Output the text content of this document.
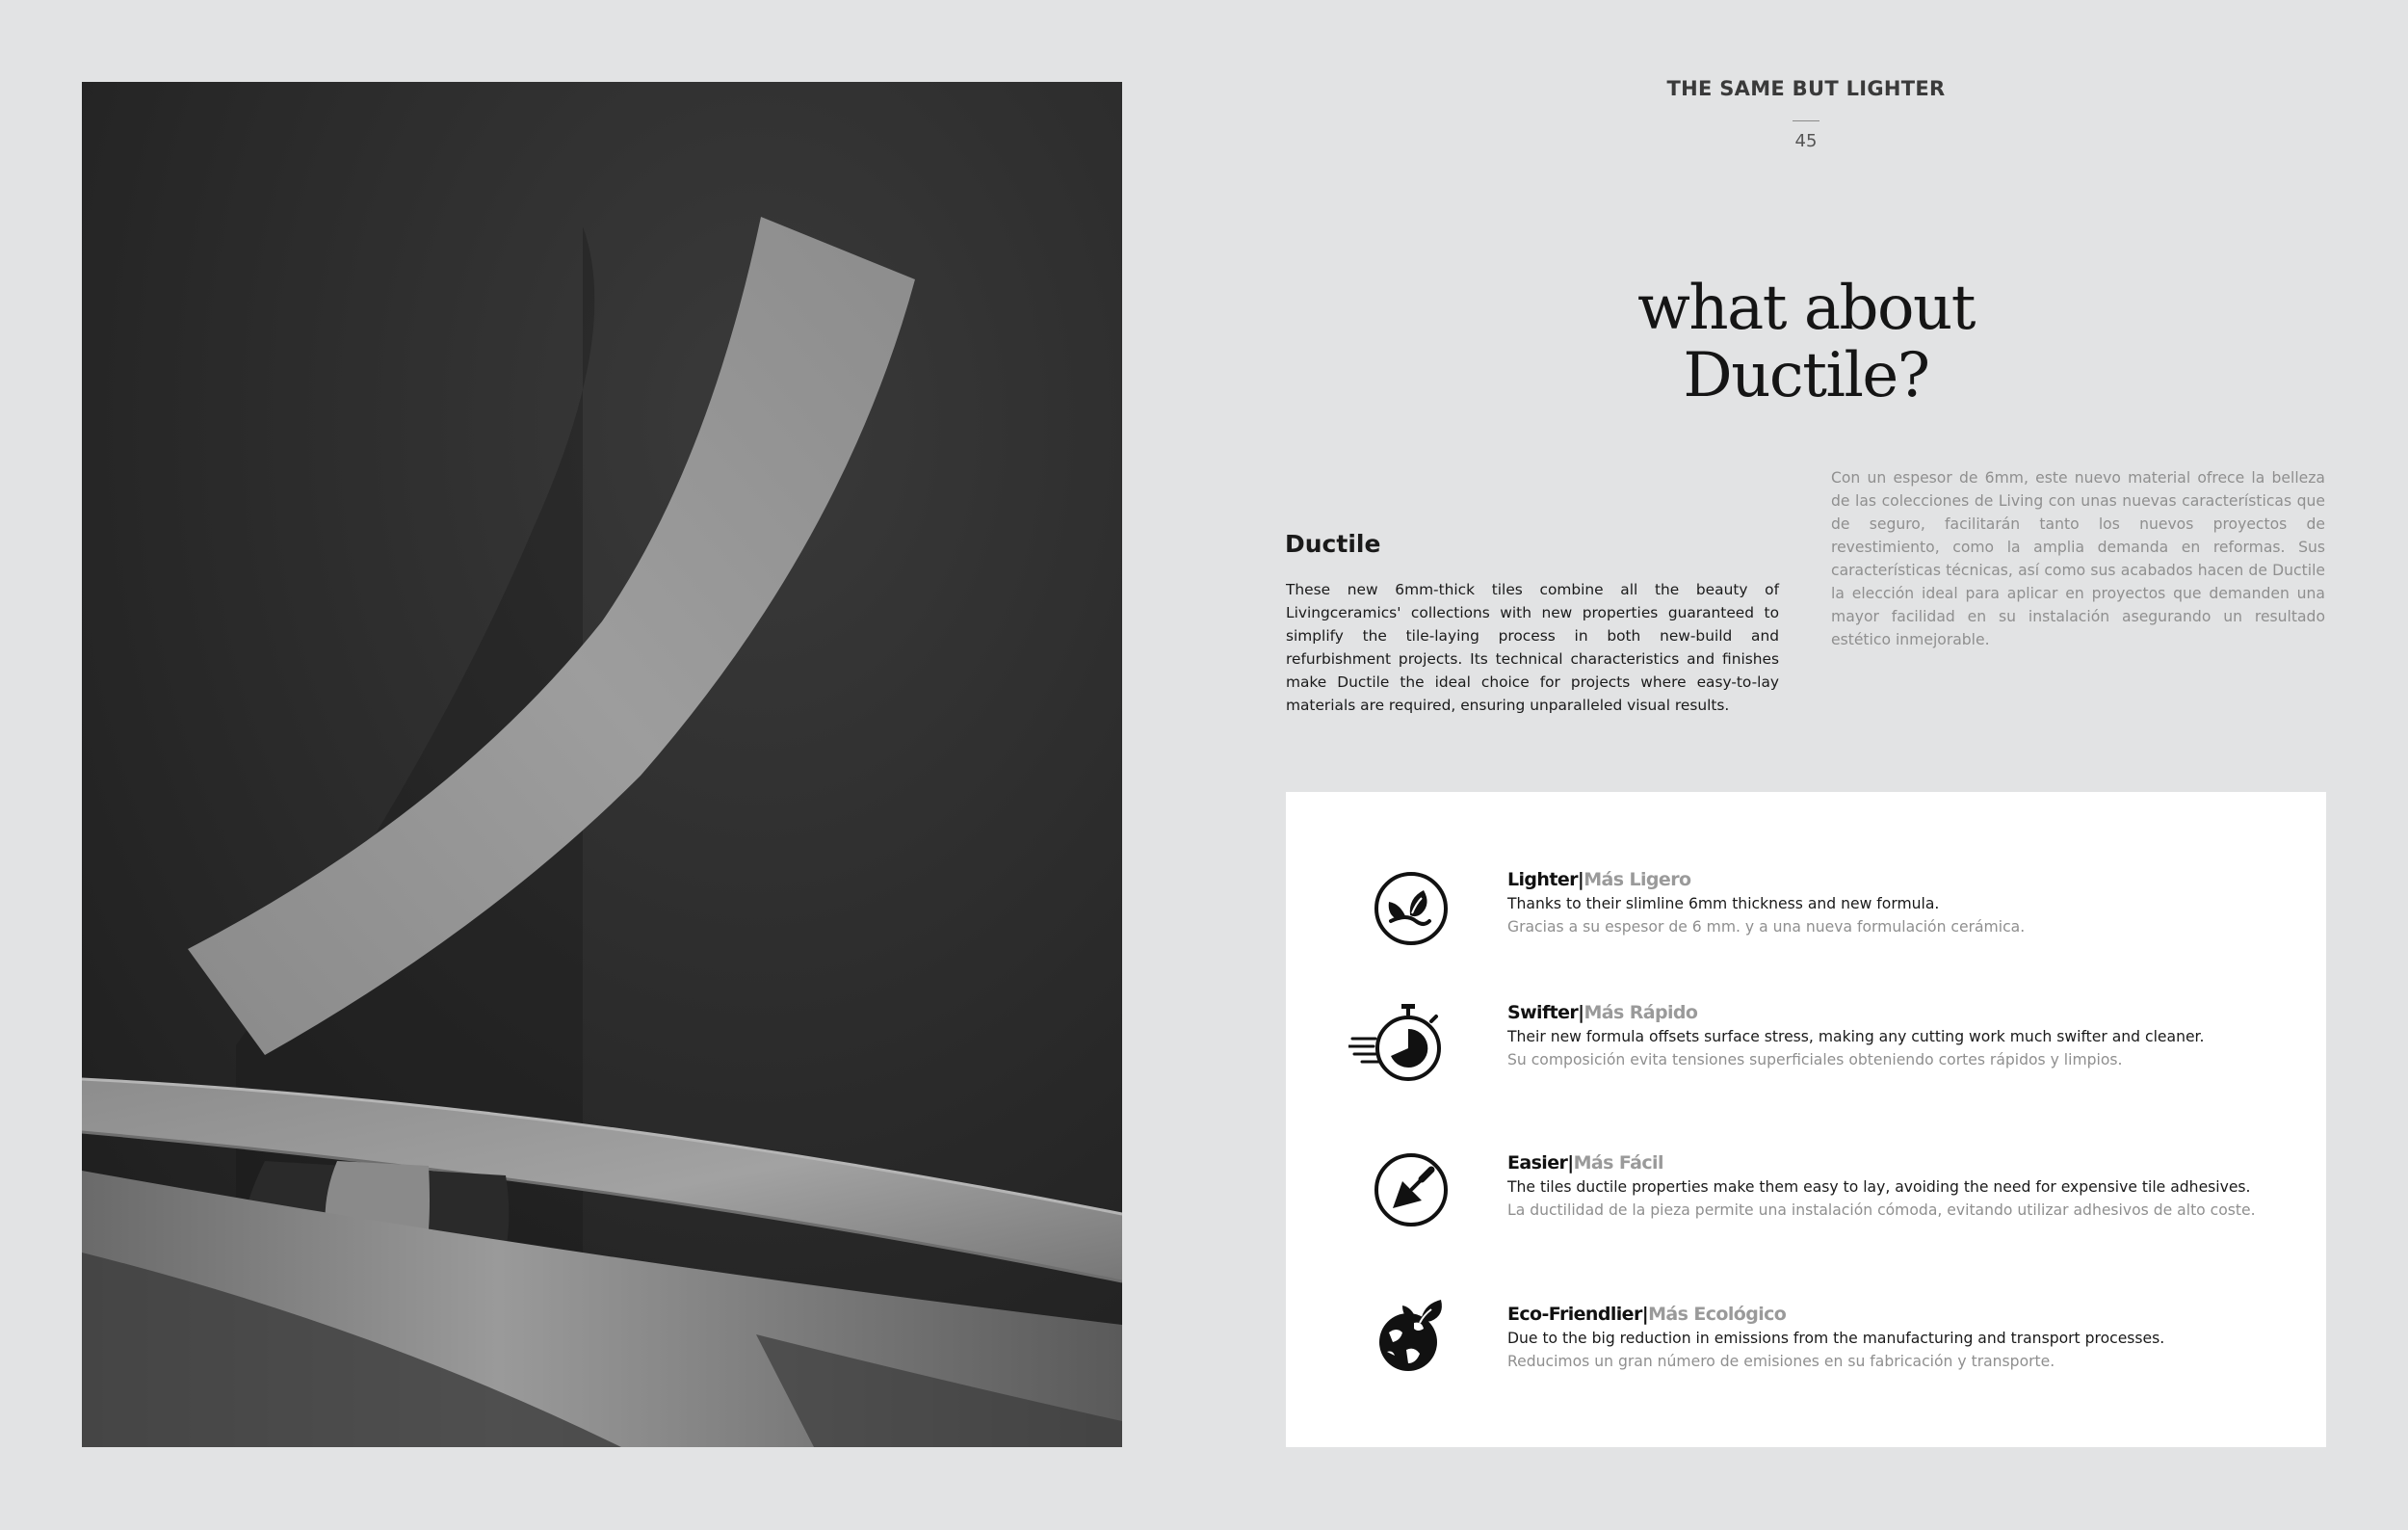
THE SAME BUT LIGHTER
45
what about
Ductile?
Ductile

These new 6mm-thick tiles combine all the beauty of Livingceramics' collections with new properties guaranteed to simplify the tile-laying process in both new-build and refurbishment projects. Its technical characteristics and finishes make Ductile the ideal choice for projects where easy-to-lay materials are required, ensuring unparalleled visual results.

Con un espesor de 6mm, este nuevo material ofrece la belleza de las colecciones de Living con unas nuevas características que de seguro, facilitarán tanto los nuevos proyectos de revestimiento, como la amplia demanda en reformas. Sus características técnicas, así como sus acabados hacen de Ductile la elección ideal para aplicar en proyectos que demanden una mayor facilidad en su instalación asegurando un resultado estético inmejorable.

Lighter|Más Ligero
Thanks to their slimline 6mm thickness and new formula.
Gracias a su espesor de 6 mm. y a una nueva formulación cerámica.
Swifter|Más Rápido
Their new formula offsets surface stress, making any cutting work much swifter and cleaner.
Su composición evita tensiones superficiales obteniendo cortes rápidos y limpios.
Easier|Más Fácil
The tiles ductile properties make them easy to lay, avoiding the need for expensive tile adhesives.
La ductilidad de la pieza permite una instalación cómoda, evitando utilizar adhesivos de alto coste.
Eco-Friendlier|Más Ecológico
Due to the big reduction in emissions from the manufacturing and transport processes.
Reducimos un gran número de emisiones en su fabricación y transporte.
